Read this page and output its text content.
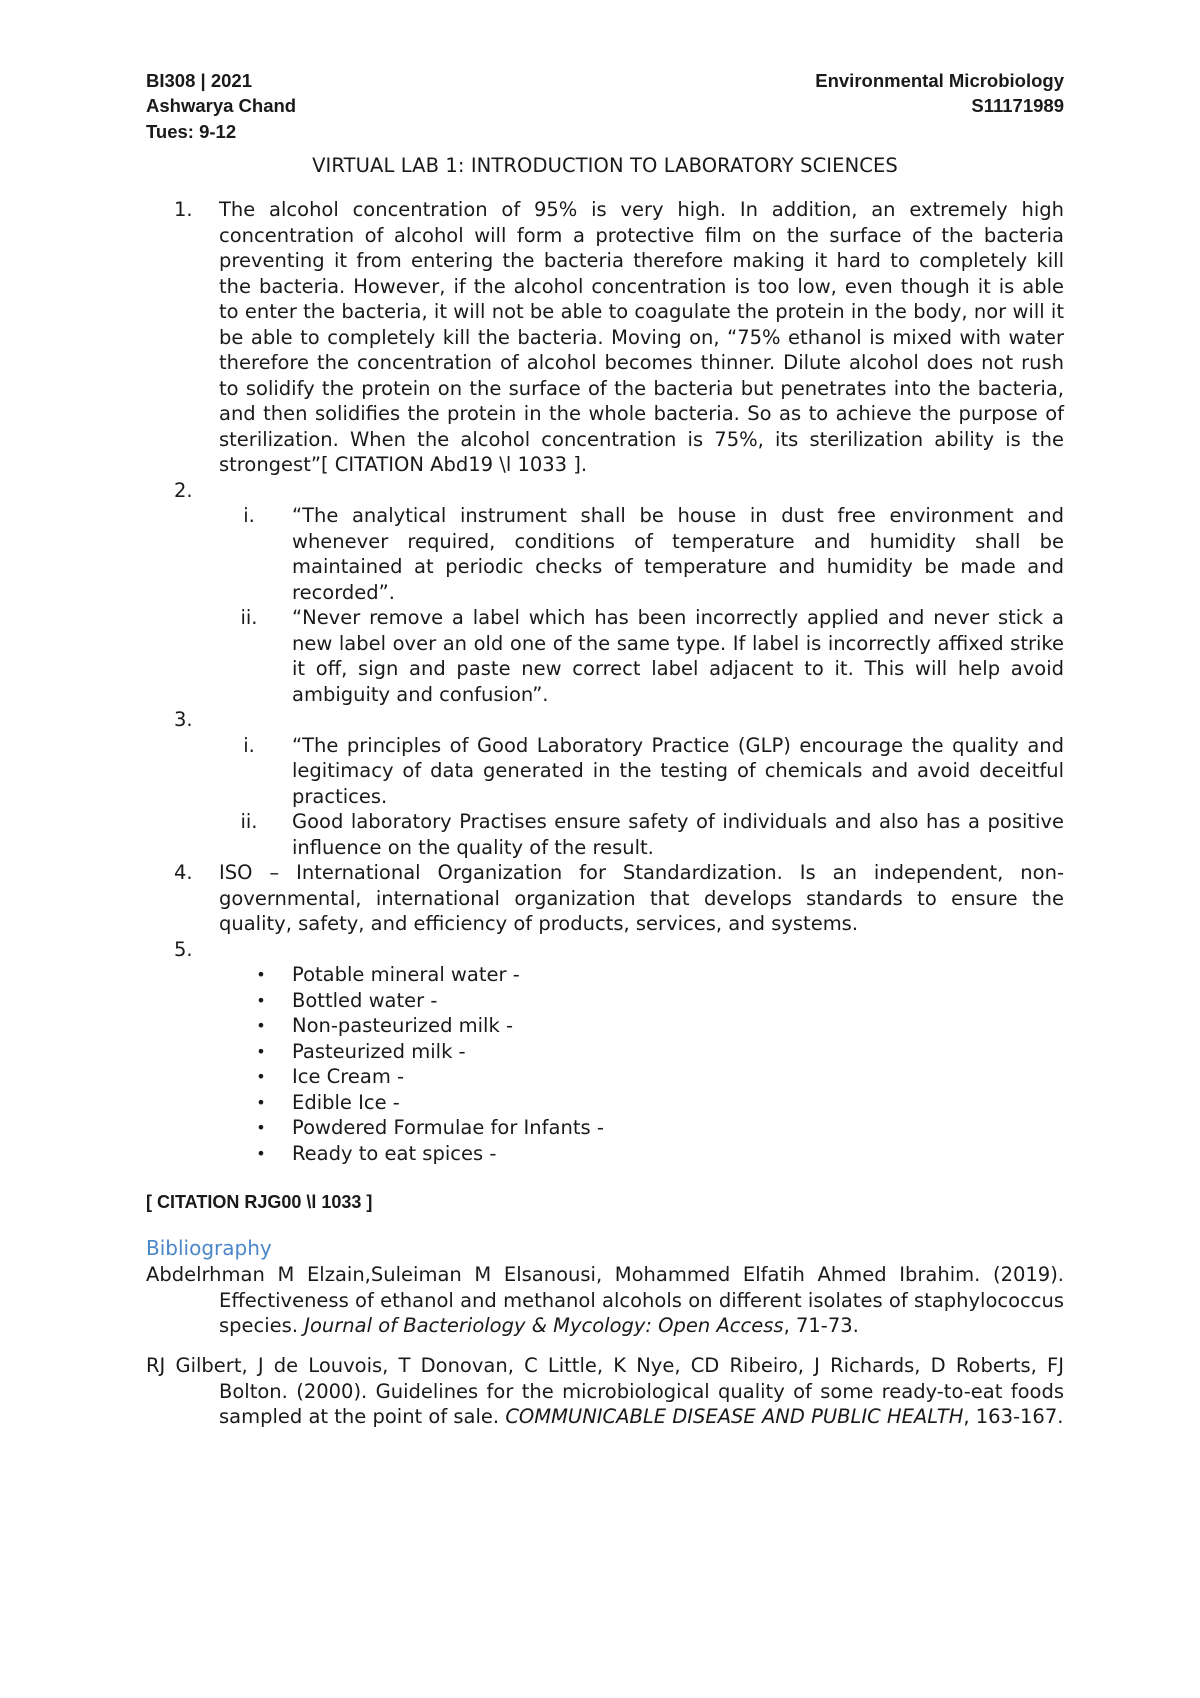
BI308 | 2021	Environmental Microbiology
Ashwarya Chand	S11171989
Tues: 9-12
VIRTUAL LAB 1: INTRODUCTION TO LABORATORY SCIENCES
1. The alcohol concentration of 95% is very high. In addition, an extremely high concentration of alcohol will form a protective film on the surface of the bacteria preventing it from entering the bacteria therefore making it hard to completely kill the bacteria. However, if the alcohol concentration is too low, even though it is able to enter the bacteria, it will not be able to coagulate the protein in the body, nor will it be able to completely kill the bacteria. Moving on, “75% ethanol is mixed with water therefore the concentration of alcohol becomes thinner. Dilute alcohol does not rush to solidify the protein on the surface of the bacteria but penetrates into the bacteria, and then solidifies the protein in the whole bacteria. So as to achieve the purpose of sterilization. When the alcohol concentration is 75%, its sterilization ability is the strongest”[ CITATION Abd19 \l 1033 ].
2.

i.	“The analytical instrument shall be house in dust free environment and whenever required, conditions of temperature and humidity shall be maintained at periodic checks of temperature and humidity be made and recorded”.
ii.	“Never remove a label which has been incorrectly applied and never stick a new label over an old one of the same type. If label is incorrectly affixed strike it off, sign and paste new correct label adjacent to it. This will help avoid ambiguity and confusion”.
3.

i.	“The principles of Good Laboratory Practice (GLP) encourage the quality and legitimacy of data generated in the testing of chemicals and avoid deceitful practices.
ii.	Good laboratory Practises ensure safety of individuals and also has a positive influence on the quality of the result.
4. ISO – International Organization for Standardization. Is an independent, non-governmental, international organization that develops standards to ensure the quality, safety, and efficiency of products, services, and systems.
5.

•	Potable mineral water -
•	Bottled water -
•	Non-pasteurized milk -
•	Pasteurized milk -
•	Ice Cream -
•	Edible Ice -
•	Powdered Formulae for Infants -
•	Ready to eat spices -
[ CITATION RJG00 \l 1033 ]
Bibliography
Abdelrhman M Elzain,Suleiman M Elsanousi, Mohammed Elfatih Ahmed Ibrahim. (2019). Effectiveness of ethanol and methanol alcohols on different isolates of staphylococcus species. Journal of Bacteriology & Mycology: Open Access, 71-73.
RJ Gilbert, J de Louvois, T Donovan, C Little, K Nye, CD Ribeiro, J Richards, D Roberts, FJ Bolton. (2000). Guidelines for the microbiological quality of some ready-to-eat foods sampled at the point of sale. COMMUNICABLE DISEASE AND PUBLIC HEALTH, 163-167.
